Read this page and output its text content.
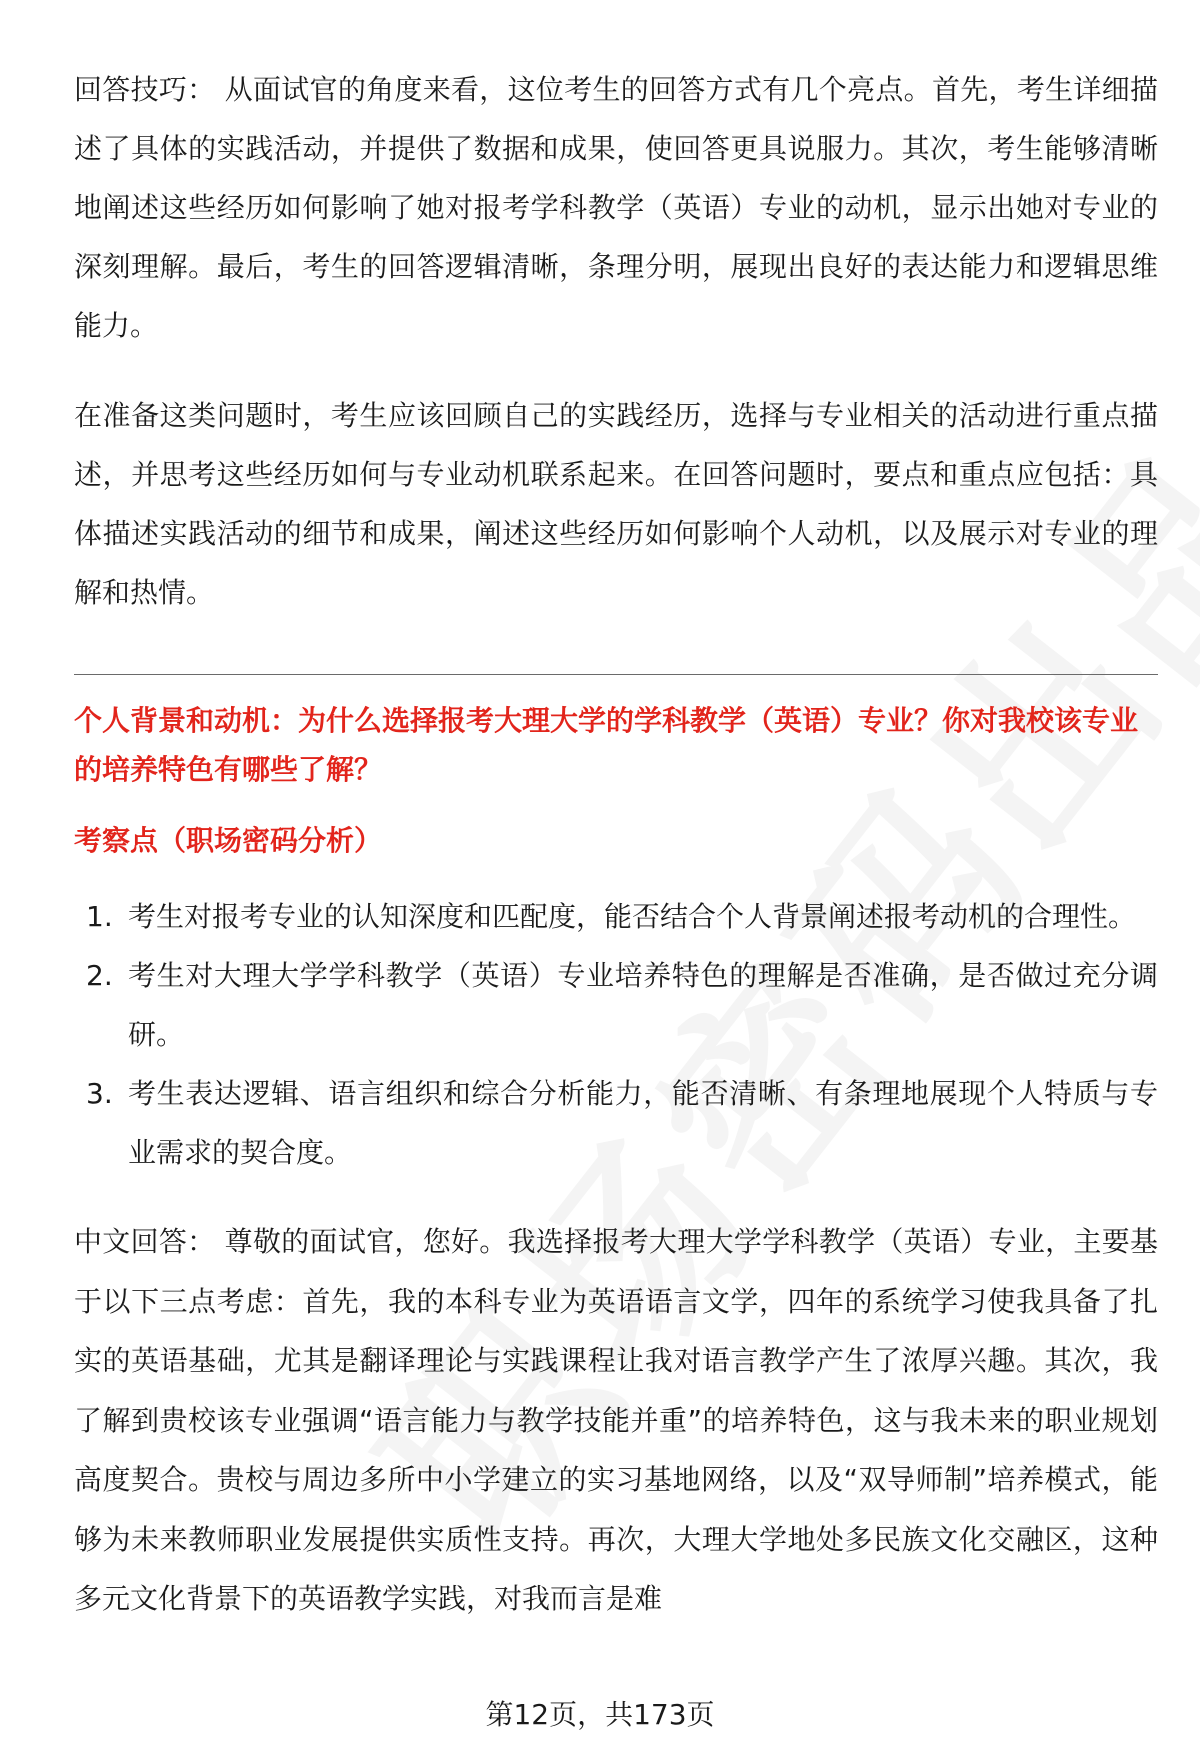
回答技巧： 从面试官的角度来看，这位考生的回答方式有几个亮点。首先，考生详细描述了具体的实践活动，并提供了数据和成果，使回答更具说服力。其次，考生能够清晰地阐述这些经历如何影响了她对报考学科教学（英语）专业的动机，显示出她对专业的深刻理解。最后，考生的回答逻辑清晰，条理分明，展现出良好的表达能力和逻辑思维能力。

在准备这类问题时，考生应该回顾自己的实践经历，选择与专业相关的活动进行重点描述，并思考这些经历如何与专业动机联系起来。在回答问题时，要点和重点应包括：具体描述实践活动的细节和成果，阐述这些经历如何影响个人动机，以及展示对专业的理解和热情。

个人背景和动机：为什么选择报考大理大学的学科教学（英语）专业？你对我校该专业的培养特色有哪些了解？

考察点（职场密码分析）

1. 考生对报考专业的认知深度和匹配度，能否结合个人背景阐述报考动机的合理性。
2. 考生对大理大学学科教学（英语）专业培养特色的理解是否准确，是否做过充分调研。
3. 考生表达逻辑、语言组织和综合分析能力，能否清晰、有条理地展现个人特质与专业需求的契合度。

中文回答： 尊敬的面试官，您好。我选择报考大理大学学科教学（英语）专业，主要基于以下三点考虑：首先，我的本科专业为英语语言文学，四年的系统学习使我具备了扎实的英语基础，尤其是翻译理论与实践课程让我对语言教学产生了浓厚兴趣。其次，我了解到贵校该专业强调“语言能力与教学技能并重”的培养特色，这与我未来的职业规划高度契合。贵校与周边多所中小学建立的实习基地网络，以及“双导师制”培养模式，能够为未来教师职业发展提供实质性支持。再次，大理大学地处多民族文化交融区，这种多元文化背景下的英语教学实践，对我而言是难

第12页，共173页
